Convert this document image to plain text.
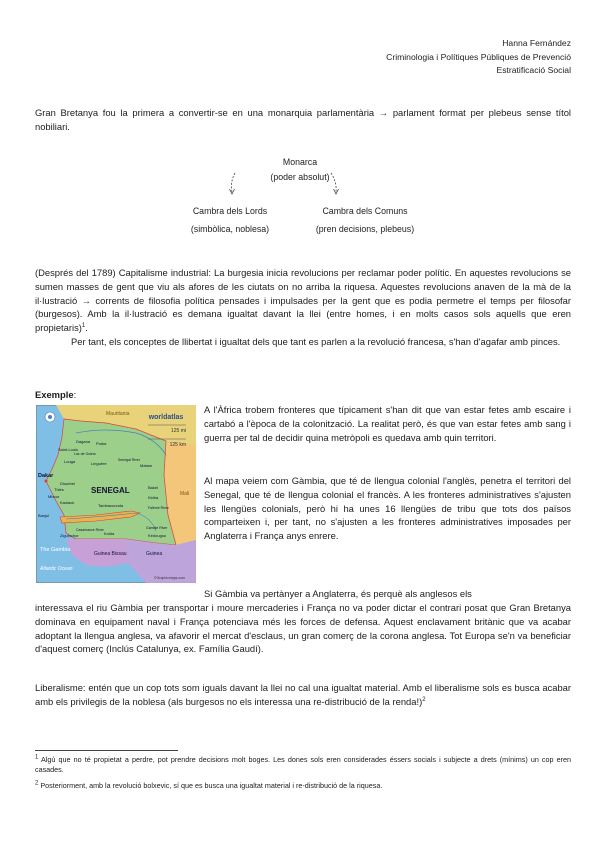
Hanna Fernández
Criminologia i Polítiques Públiques de Prevenció
Estratificació Social
Gran Bretanya fou la primera a convertir-se en una monarquia parlamentària → parlament format per plebeus sense títol nobiliari.
Monarca
(poder absolut)
Cambra dels Lords
(simbòlica, noblesa)
Cambra dels Comuns
(pren decisions, plebeus)
(Després del 1789) Capitalisme industrial: La burgesia inicia revolucions per reclamar poder polític. En aquestes revolucions se sumen masses de gent que viu als afores de les ciutats on no arriba la riquesa. Aquestes revolucions anaven de la mà de la il·lustració → corrents de filosofia política pensades i impulsades per la gent que es podia permetre el temps per filosofar (burgesos). Amb la il·lustració es demana igualtat davant la llei (entre homes, i en molts casos sols aquells que eren propietaris)$^1$.
Per tant, els conceptes de llibertat i igualtat dels que tant es parlen a la revolució francesa, s'han d'agafar amb pinces.
Exemple:
worldatlas
125 mi
125 km
Mauritania
Mali
SENEGAL
The Gambia
Guinea Bissau	Guinea
Atlantic Ocean
©Graphicmaps.com
Dakar
Dagana Podor
Saint-Louis
Lac de Guiers
Louga	Linguère
Senegal River
Matam
Diourbel
Thiès
Mbour
Kaolack
Bakel
Kidira
Tambacounda	Falémé River
Banjul
Casamance River	Gambie River
Kédougou
Ziguinchor	Kolda
A l'Àfrica trobem fronteres que típicament s'han dit que van estar fetes amb escaire i cartabó a l'època de la colonització. La realitat però, és que van estar fetes amb sang i guerra per tal de decidir quina metròpoli es quedava amb quin territori.
Al mapa veiem com Gàmbia, que té de llengua colonial l'anglès, penetra el territori del Senegal, que té de llengua colonial el francès. A les fronteres administratives s'ajusten les llengües colonials, però hi ha unes 16 llengües de tribu que tots dos països comparteixen i, per tant, no s'ajusten a les fronteres administratives imposades per Anglaterra i França anys enrere.
Si Gàmbia va pertànyer a Anglaterra, és perquè als anglesos els
interessava el riu Gàmbia per transportar i moure mercaderies i França no va poder dictar el contrari posat que Gran Bretanya dominava en equipament naval i França potenciava més les forces de defensa. Aquest enclavament britànic que va acabar adoptant la llengua anglesa, va afavorir el mercat d'esclaus, un gran comerç de la corona anglesa. Tot Europa se'n va beneficiar d'aquest comerç (Inclús Catalunya, ex. Família Gaudí).
Liberalisme: entén que un cop tots som iguals davant la llei no cal una igualtat material. Amb el liberalisme sols es busca acabar amb els privilegis de la noblesa (als burgesos no els interessa una re-distribució de la renda!)$^2$
$^1$ Algú que no té propietat a perdre, pot prendre decisions molt boges. Les dones sols eren considerades éssers socials i subjecte a drets (mínims) un cop eren casades.
$^2$ Posteriorment, amb la revolució bolxevic, sí que es busca una igualtat material i re-distribució de la riquesa.
